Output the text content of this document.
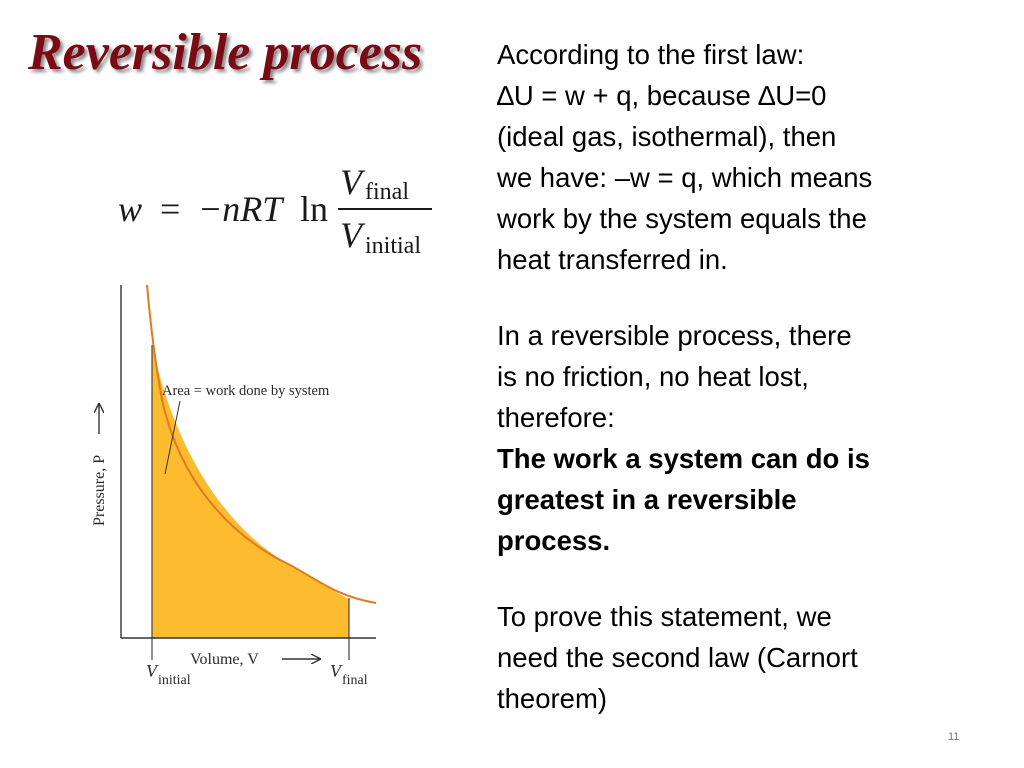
Reversible process
w = −nRT ln
V final
V initial
Pressure, P
Area = work done by system
Volume, V
V initial	V final

According to the first law:

∆U = w + q, because ∆U=0

(ideal gas, isothermal), then

we have: –w = q, which means

work by the system equals the

heat transferred in.

In a reversible process, there

is no friction, no heat lost,

therefore:

The work a system can do is

greatest in a reversible

process.

To prove this statement, we

need the second law (Carnort

theorem)

11
